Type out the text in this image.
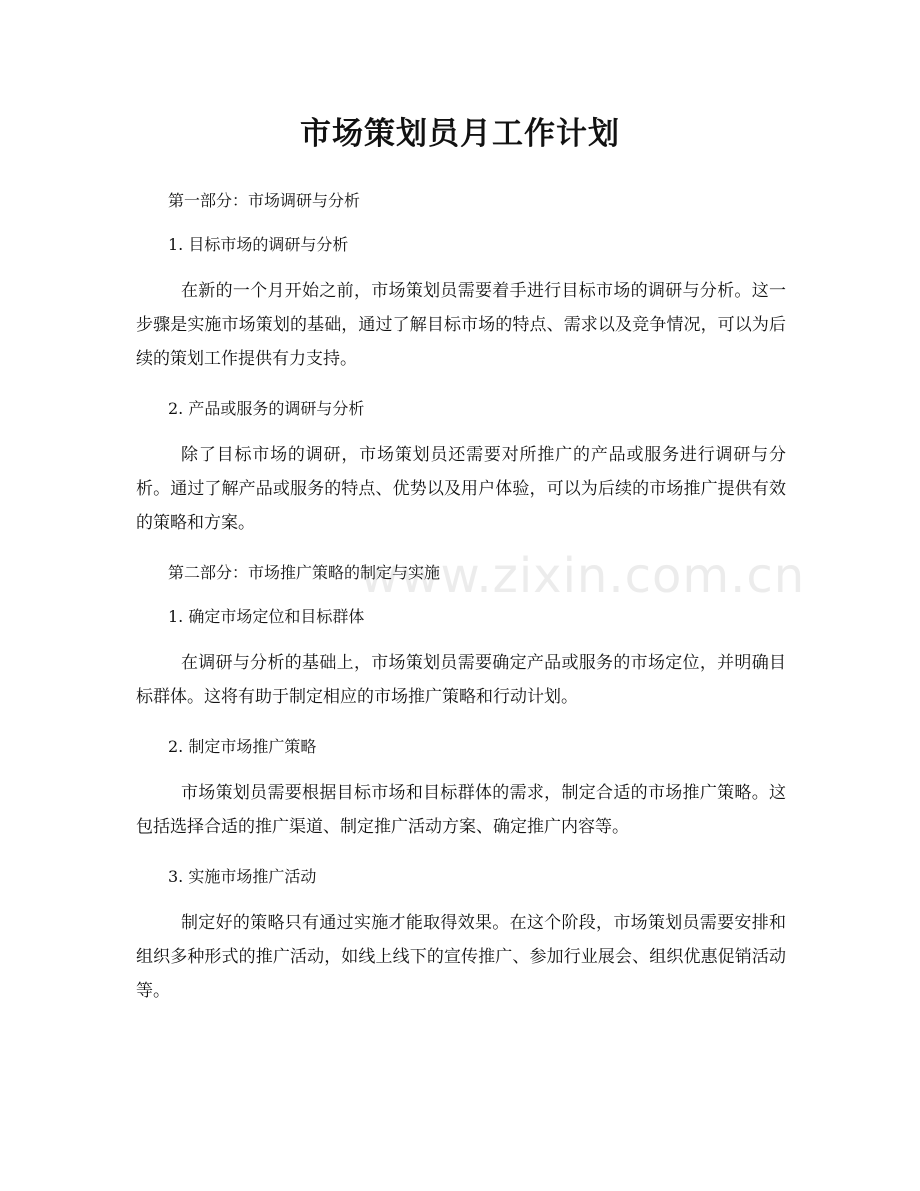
市场策划员月工作计划
www.zixin.com.cn

第一部分：市场调研与分析

1. 目标市场的调研与分析

在新的一个月开始之前，市场策划员需要着手进行目标市场的调研与分析。这一步骤是实施市场策划的基础，通过了解目标市场的特点、需求以及竞争情况，可以为后续的策划工作提供有力支持。

2. 产品或服务的调研与分析

除了目标市场的调研，市场策划员还需要对所推广的产品或服务进行调研与分析。通过了解产品或服务的特点、优势以及用户体验，可以为后续的市场推广提供有效的策略和方案。

第二部分：市场推广策略的制定与实施

1. 确定市场定位和目标群体

在调研与分析的基础上，市场策划员需要确定产品或服务的市场定位，并明确目标群体。这将有助于制定相应的市场推广策略和行动计划。

2. 制定市场推广策略

市场策划员需要根据目标市场和目标群体的需求，制定合适的市场推广策略。这包括选择合适的推广渠道、制定推广活动方案、确定推广内容等。

3. 实施市场推广活动

制定好的策略只有通过实施才能取得效果。在这个阶段，市场策划员需要安排和组织多种形式的推广活动，如线上线下的宣传推广、参加行业展会、组织优惠促销活动等。
